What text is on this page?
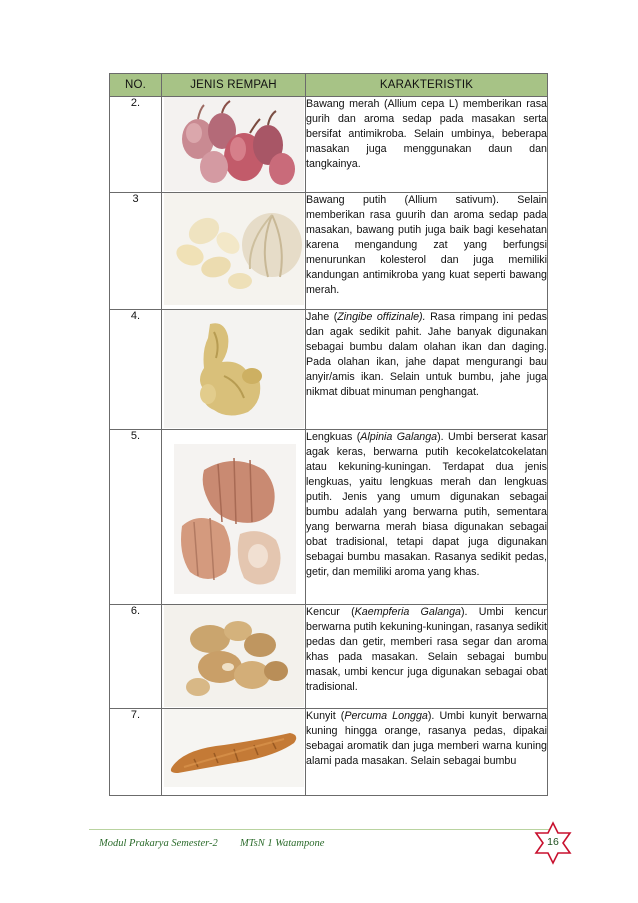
NO.	JENIS REMPAH	KARAKTERISTIK
2.		Bawang merah (Allium cepa L) memberikan rasa gurih dan aroma sedap pada masakan serta bersifat antimikroba. Selain umbinya, beberapa masakan juga menggunakan daun dan tangkainya.
3		Bawang putih (Allium sativum). Selain memberikan rasa guurih dan aroma sedap pada masakan, bawang putih juga baik bagi kesehatan karena mengandung zat yang berfungsi menurunkan kolesterol dan juga memiliki kandungan antimikroba yang kuat seperti bawang merah.
4.		Jahe (Zingibe offizinale). Rasa rimpang ini pedas dan agak sedikit pahit. Jahe banyak digunakan sebagai bumbu dalam olahan ikan dan daging. Pada olahan ikan, jahe dapat mengurangi bau anyir/amis ikan. Selain untuk bumbu, jahe juga nikmat dibuat minuman penghangat.
5.		Lengkuas (Alpinia Galanga). Umbi berserat kasar agak keras, berwarna putih kecokelatcokelatan atau kekuning-kuningan. Terdapat dua jenis lengkuas, yaitu lengkuas merah dan lengkuas putih. Jenis yang umum digunakan sebagai bumbu adalah yang berwarna putih, sementara yang berwarna merah biasa digunakan sebagai obat tradisional, tetapi dapat juga digunakan sebagai bumbu masakan. Rasanya sedikit pedas, getir, dan memiliki aroma yang khas.
6.		Kencur (Kaempferia Galanga). Umbi kencur berwarna putih kekuning-kuningan, rasanya sedikit pedas dan getir, memberi rasa segar dan aroma khas pada masakan. Selain sebagai bumbu masak, umbi kencur juga digunakan sebagai obat tradisional.
7.		Kunyit (Percuma Longga). Umbi kunyit berwarna kuning hingga orange, rasanya pedas, dipakai sebagai aromatik dan juga memberi warna kuning alami pada masakan. Selain sebagai bumbu
Modul Prakarya Semester-2 MTsN 1 Watampone	16
